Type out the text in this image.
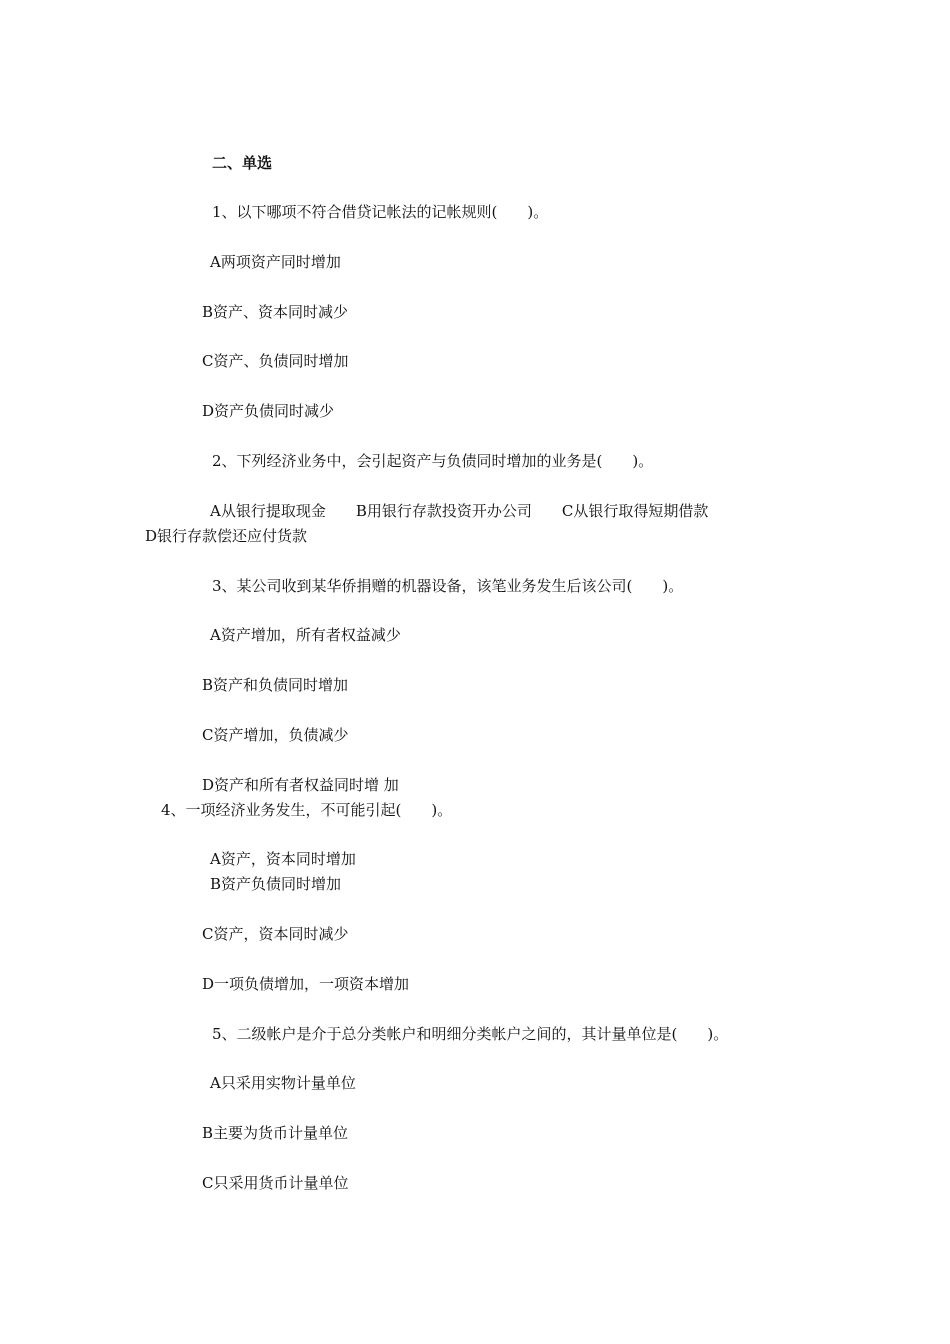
二、单选
1、以下哪项不符合借贷记帐法的记帐规则(　　)。
A两项资产同时增加
B资产、资本同时减少
C资产、负债同时增加
D资产负债同时减少
2、下列经济业务中，会引起资产与负债同时增加的业务是(　　)。
A从银行提取现金　　B用银行存款投资开办公司　　C从银行取得短期借款
D银行存款偿还应付货款
3、某公司收到某华侨捐赠的机器设备，该笔业务发生后该公司(　　)。
A资产增加，所有者权益减少
B资产和负债同时增加
C资产增加，负债减少
D资产和所有者权益同时增 加
4、一项经济业务发生，不可能引起(　　)。
A资产，资本同时增加
B资产负债同时增加
C资产，资本同时减少
D一项负债增加，一项资本增加
5、二级帐户是介于总分类帐户和明细分类帐户之间的，其计量单位是(　　)。
A只采用实物计量单位
B主要为货币计量单位
C只采用货币计量单位
